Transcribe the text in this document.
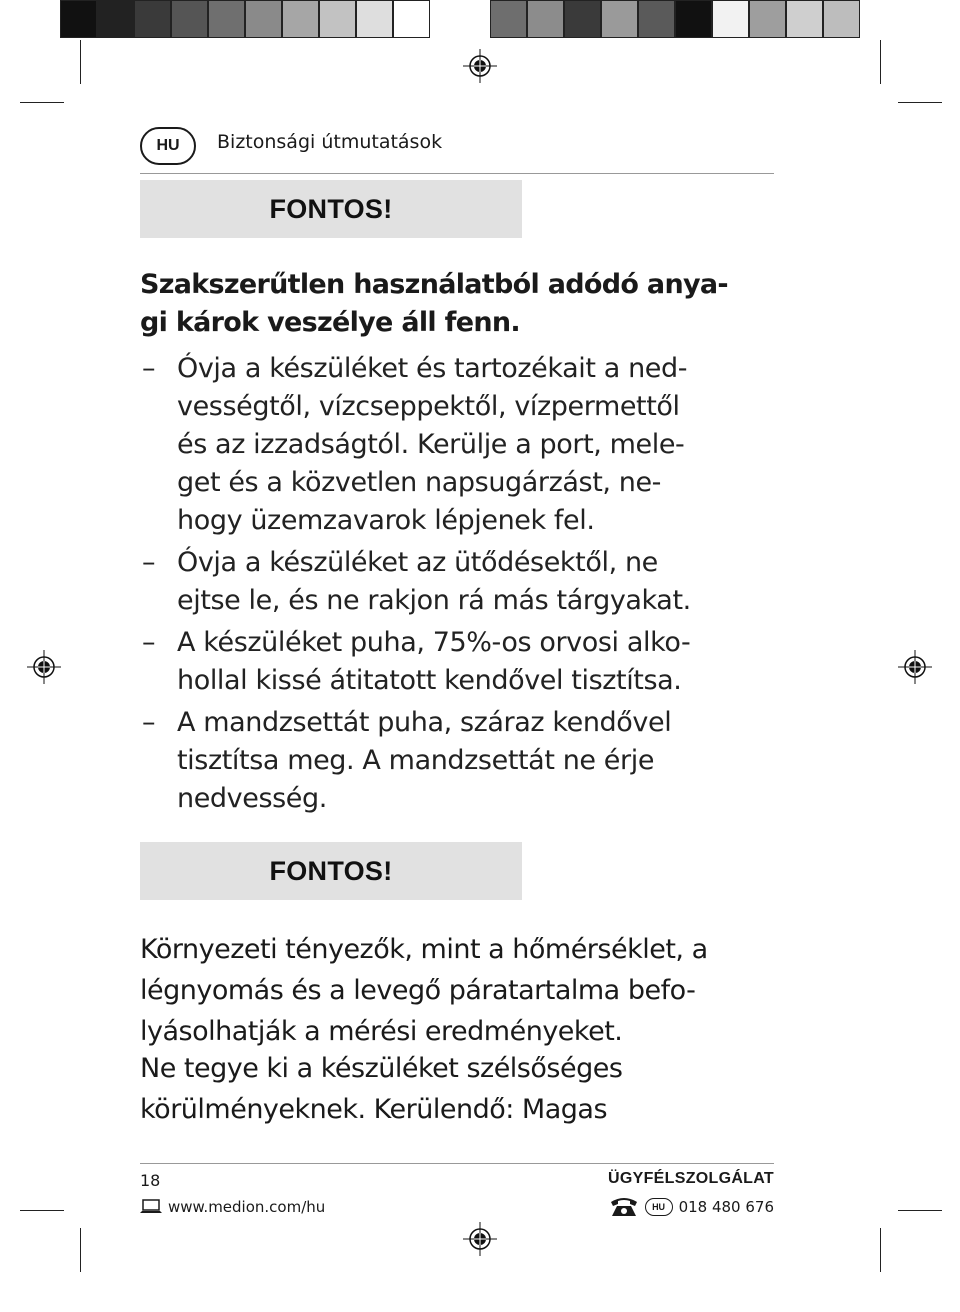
HU	Biztonsági útmutatások
FONTOS!
Szakszerűtlen használatból adódó anya-
gi károk veszélye áll fenn.
– Óvja a készüléket és tartozékait a ned-
vességtől, vízcseppektől, vízpermettől
és az izzadságtól. Kerülje a port, mele-
get és a közvetlen napsugárzást, ne-
hogy üzemzavarok lépjenek fel.
– Óvja a készüléket az ütődésektől, ne
ejtse le, és ne rakjon rá más tárgyakat.
– A készüléket puha, 75%-os orvosi alko-
hollal kissé átitatott kendővel tisztítsa.
– A mandzsettát puha, száraz kendővel
tisztítsa meg. A mandzsettát ne érje
nedvesség.
FONTOS!
Környezeti tényezők, mint a hőmérséklet, a
légnyomás és a levegő páratartalma befo-
lyásolhatják a mérési eredményeket.
Ne tegye ki a készüléket szélsőséges
körülményeknek. Kerülendő: Magas
18	ÜGYFÉLSZOLGÁLAT
www.medion.com/hu	HU 018 480 676
